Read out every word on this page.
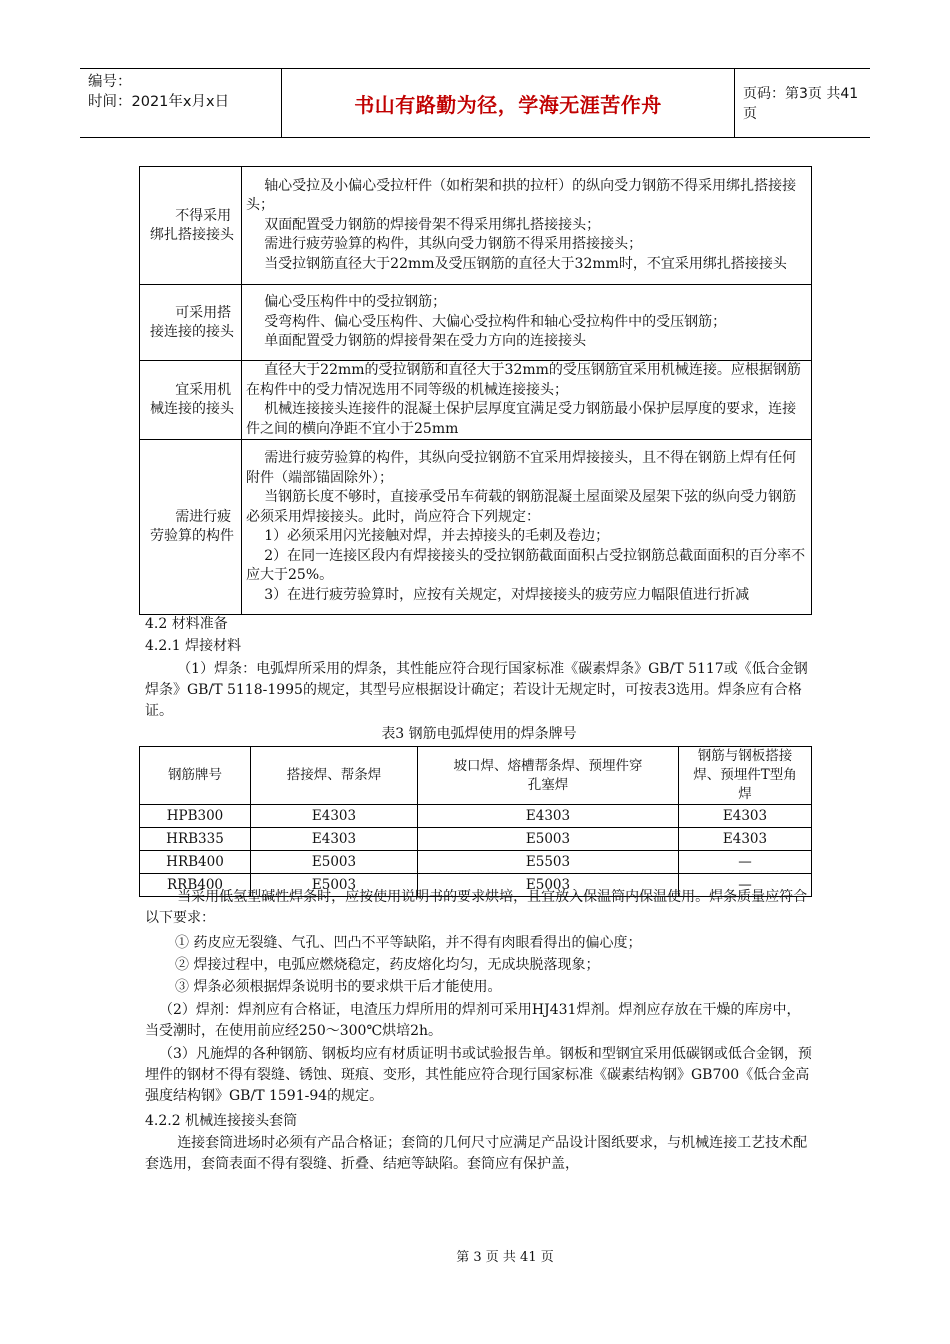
编号：
时间：2021年x月x日	书山有路勤为径，学海无涯苦作舟	页码：第3页 共41页
不得采用绑扎搭接接头	轴心受拉及小偏心受拉杆件（如桁架和拱的拉杆）的纵向受力钢筋不得采用绑扎搭接接头；

双面配置受力钢筋的焊接骨架不得采用绑扎搭接接头；

需进行疲劳验算的构件，其纵向受力钢筋不得采用搭接接头；

当受拉钢筋直径大于22mm及受压钢筋的直径大于32mm时，不宜采用绑扎搭接接头

可采用搭接连接的接头	偏心受压构件中的受拉钢筋；

受弯构件、偏心受压构件、大偏心受拉构件和轴心受拉构件中的受压钢筋；

单面配置受力钢筋的焊接骨架在受力方向的连接接头

宜采用机械连接的接头	直径大于22mm的受拉钢筋和直径大于32mm的受压钢筋宜采用机械连接。应根据钢筋在构件中的受力情况选用不同等级的机械连接接头；

机械连接接头连接件的混凝土保护层厚度宜满足受力钢筋最小保护层厚度的要求，连接件之间的横向净距不宜小于25mm

需进行疲劳验算的构件	需进行疲劳验算的构件，其纵向受拉钢筋不宜采用焊接接头，且不得在钢筋上焊有任何附件（端部锚固除外）；

当钢筋长度不够时，直接承受吊车荷载的钢筋混凝土屋面梁及屋架下弦的纵向受力钢筋必须采用焊接接头。此时，尚应符合下列规定：

1）必须采用闪光接触对焊，并去掉接头的毛刺及卷边；

2）在同一连接区段内有焊接接头的受拉钢筋截面面积占受拉钢筋总截面面积的百分率不应大于25%。

3）在进行疲劳验算时，应按有关规定，对焊接接头的疲劳应力幅限值进行折减

4.2 材料准备

4.2.1 焊接材料

（1）焊条：电弧焊所采用的焊条，其性能应符合现行国家标准《碳素焊条》GB/T 5117或《低合金钢焊条》GB/T 5118-1995的规定，其型号应根据设计确定；若设计无规定时，可按表3选用。焊条应有合格证。

表3 钢筋电弧焊使用的焊条牌号

钢筋牌号	搭接焊、帮条焊	坡口焊、熔槽帮条焊、预埋件穿孔塞焊	钢筋与钢板搭接焊、预埋件T型角焊
HPB300	E4303	E4303	E4303
HRB335	E4303	E5003	E4303
HRB400	E5003	E5503	—
RRB400	E5003	E5003	—

当采用低氢型碱性焊条时，应按使用说明书的要求烘培，且宜放入保温筒内保温使用。焊条质量应符合以下要求：

① 药皮应无裂缝、气孔、凹凸不平等缺陷，并不得有肉眼看得出的偏心度；

② 焊接过程中，电弧应燃烧稳定，药皮熔化均匀，无成块脱落现象；

③ 焊条必须根据焊条说明书的要求烘干后才能使用。

（2）焊剂：焊剂应有合格证，电渣压力焊所用的焊剂可采用HJ431焊剂。焊剂应存放在干燥的库房中，当受潮时，在使用前应经250～300℃烘培2h。

（3）凡施焊的各种钢筋、钢板均应有材质证明书或试验报告单。钢板和型钢宜采用低碳钢或低合金钢，预埋件的钢材不得有裂缝、锈蚀、斑痕、变形，其性能应符合现行国家标准《碳素结构钢》GB700《低合金高强度结构钢》GB/T 1591-94的规定。

4.2.2 机械连接接头套筒

连接套筒进场时必须有产品合格证；套筒的几何尺寸应满足产品设计图纸要求，与机械连接工艺技术配套选用，套筒表面不得有裂缝、折叠、结疤等缺陷。套筒应有保护盖，

第 3 页 共 41 页
